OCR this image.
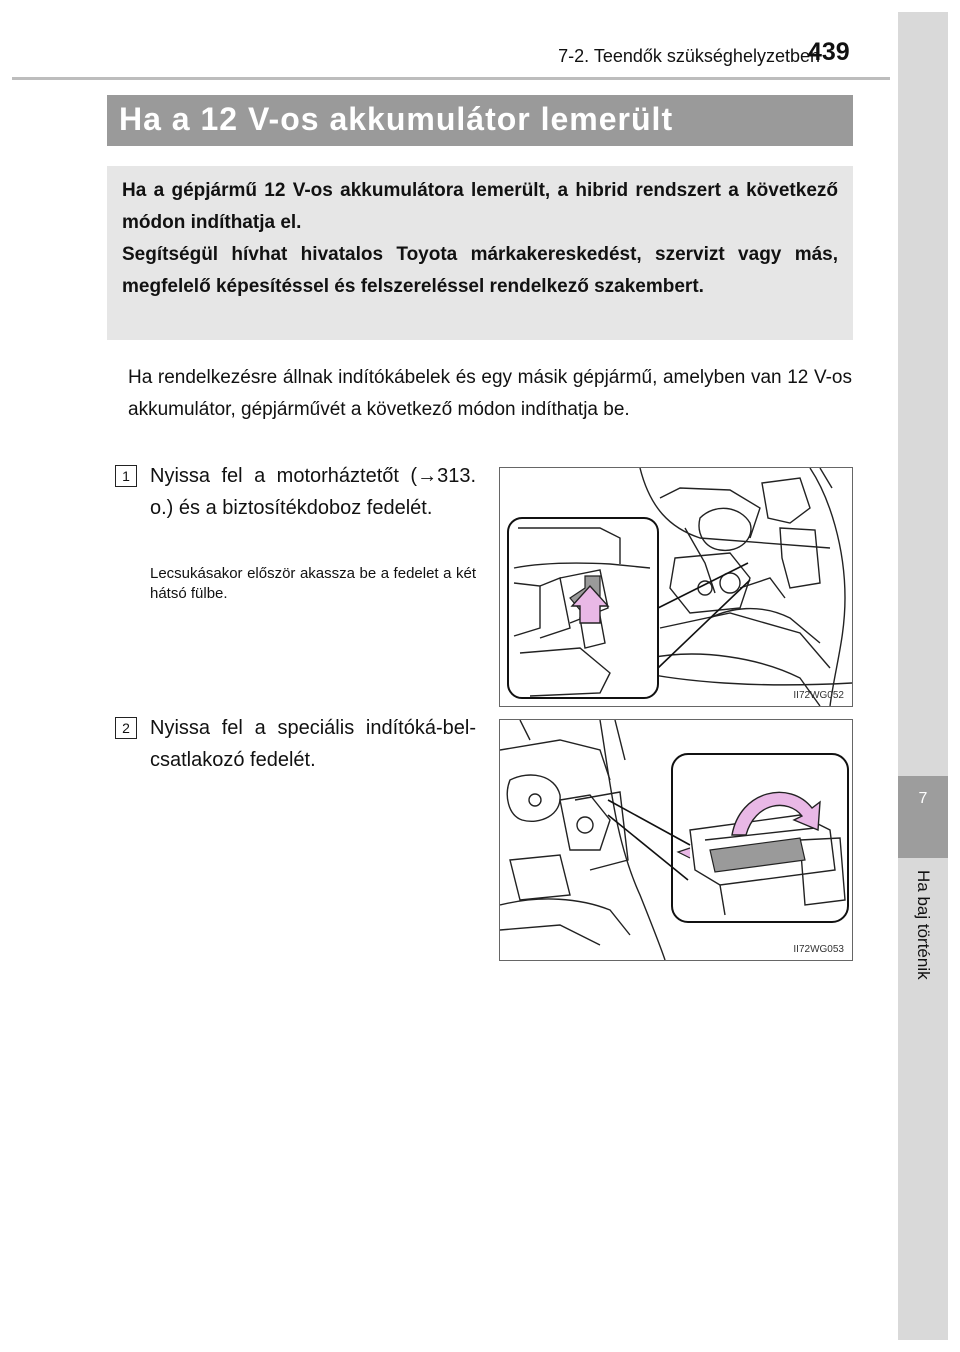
7-2. Teendők szükséghelyzetben
439
7
Ha baj történik
Ha a 12 V-os akkumulátor lemerült

Ha a gépjármű 12 V-os akkumulátora lemerült, a hibrid rendszert a következő módon indíthatja el.

Segítségül hívhat hivatalos Toyota márkakereskedést, szervizt vagy más, megfelelő képesítéssel és felszereléssel rendelkező szakembert.

Ha rendelkezésre állnak indítókábelek és egy másik gépjármű, amelyben van 12 V-os akkumulátor, gépjárművét a következő módon indíthatja be.

1	Nyissa fel a motorháztetőt (→313. o.) és a biztosítékdoboz fedelét.

Lecsukásakor először akassza be a fedelet a két hátsó fülbe.

II72WG052
2	Nyissa fel a speciális indítóká-bel-csatlakozó fedelét.

II72WG053
